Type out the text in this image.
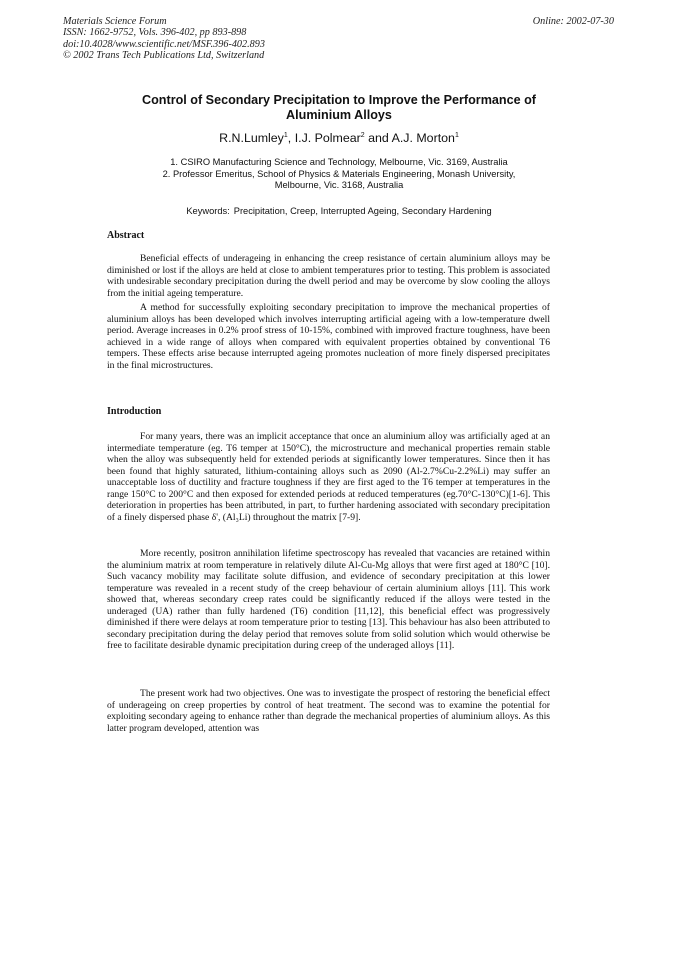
Materials Science Forum
ISSN: 1662-9752, Vols. 396-402, pp 893-898
doi:10.4028/www.scientific.net/MSF.396-402.893
© 2002 Trans Tech Publications Ltd, Switzerland
Online: 2002-07-30
Control of Secondary Precipitation to Improve the Performance of
Aluminium Alloys
R.N.Lumley$^1$, I.J. Polmear$^2$ and A.J. Morton$^1$
1. CSIRO Manufacturing Science and Technology, Melbourne, Vic. 3169, Australia
2. Professor Emeritus, School of Physics & Materials Engineering, Monash University,
Melbourne, Vic. 3168, Australia
Keywords: Precipitation, Creep, Interrupted Ageing, Secondary Hardening
Abstract

Beneficial effects of underageing in enhancing the creep resistance of certain aluminium alloys may be diminished or lost if the alloys are held at close to ambient temperatures prior to testing. This problem is associated with undesirable secondary precipitation during the dwell period and may be overcome by slow cooling the alloys from the initial ageing temperature.

A method for successfully exploiting secondary precipitation to improve the mechanical properties of aluminium alloys has been developed which involves interrupting artificial ageing with a low-temperature dwell period. Average increases in 0.2% proof stress of 10-15%, combined with improved fracture toughness, have been achieved in a wide range of alloys when compared with equivalent properties obtained by conventional T6 tempers. These effects arise because interrupted ageing promotes nucleation of more finely dispersed precipitates in the final microstructures.

Introduction

For many years, there was an implicit acceptance that once an aluminium alloy was artificially aged at an intermediate temperature (eg. T6 temper at 150°C), the microstructure and mechanical properties remain stable when the alloy was subsequently held for extended periods at significantly lower temperatures. Since then it has been found that highly saturated, lithium-containing alloys such as 2090 (Al-2.7%Cu-2.2%Li) may suffer an unacceptable loss of ductility and fracture toughness if they are first aged to the T6 temper at temperatures in the range 150°C to 200°C and then exposed for extended periods at reduced temperatures (eg.70°C-130°C)[1-6]. This deterioration in properties has been attributed, in part, to further hardening associated with secondary precipitation of a finely dispersed phase δ', (Al₃Li) throughout the matrix [7-9].

More recently, positron annihilation lifetime spectroscopy has revealed that vacancies are retained within the aluminium matrix at room temperature in relatively dilute Al-Cu-Mg alloys that were first aged at 180°C [10]. Such vacancy mobility may facilitate solute diffusion, and evidence of secondary precipitation at this lower temperature was revealed in a recent study of the creep behaviour of certain aluminium alloys [11]. This work showed that, whereas secondary creep rates could be significantly reduced if the alloys were tested in the underaged (UA) rather than fully hardened (T6) condition [11,12], this beneficial effect was progressively diminished if there were delays at room temperature prior to testing [13]. This behaviour has also been attributed to secondary precipitation during the delay period that removes solute from solid solution which would otherwise be free to facilitate desirable dynamic precipitation during creep of the underaged alloys [11].

The present work had two objectives. One was to investigate the prospect of restoring the beneficial effect of underageing on creep properties by control of heat treatment. The second was to examine the potential for exploiting secondary ageing to enhance rather than degrade the mechanical properties of aluminium alloys. As this latter program developed, attention was
